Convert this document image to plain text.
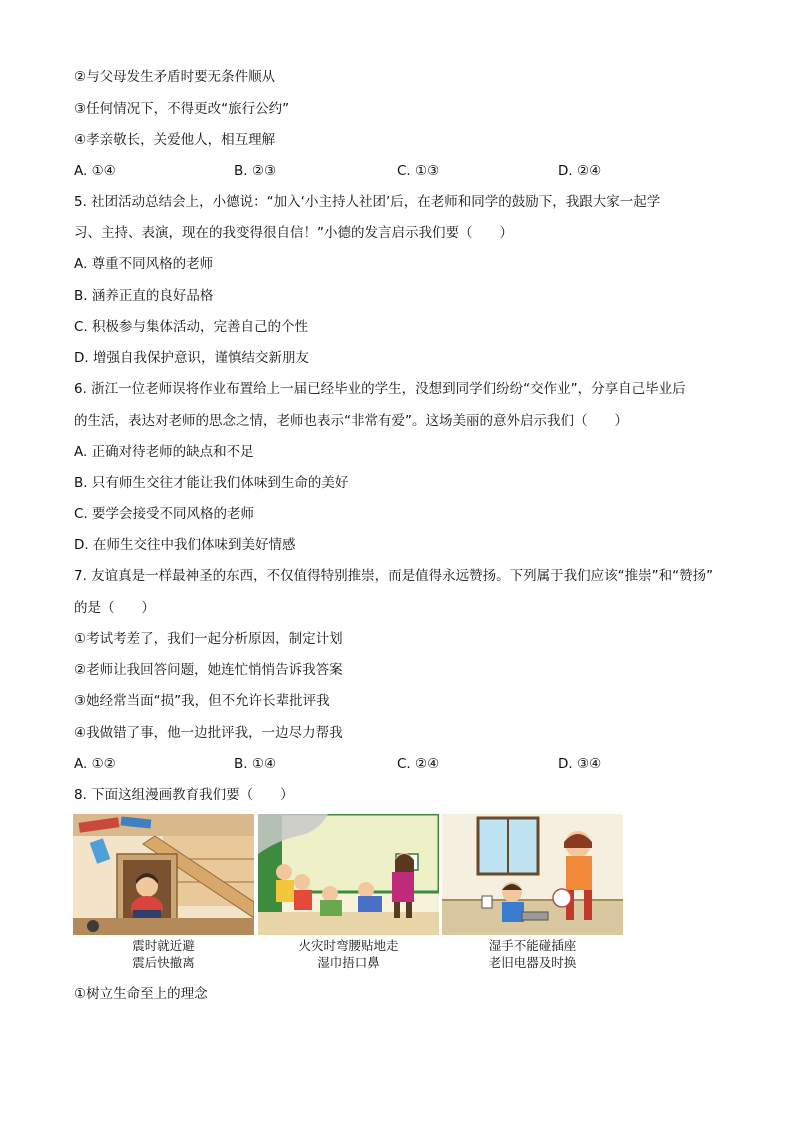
②与父母发生矛盾时要无条件顺从
③任何情况下，不得更改“旅行公约”
④孝亲敬长，关爱他人，相互理解
A. ①④	B. ②③	C. ①③	D. ②④
5. 社团活动总结会上，小德说：“加入‘小主持人社团’后，在老师和同学的鼓励下，我跟大家一起学
习、主持、表演，现在的我变得很自信！”小德的发言启示我们要（　　）
A. 尊重不同风格的老师
B. 涵养正直的良好品格
C. 积极参与集体活动，完善自己的个性
D. 增强自我保护意识，谨慎结交新朋友
6. 浙江一位老师误将作业布置给上一届已经毕业的学生，没想到同学们纷纷“交作业”，分享自己毕业后
的生活，表达对老师的思念之情，老师也表示“非常有爱”。这场美丽的意外启示我们（　　）
A. 正确对待老师的缺点和不足
B. 只有师生交往才能让我们体味到生命的美好
C. 要学会接受不同风格的老师
D. 在师生交往中我们体味到美好情感
7. 友谊真是一样最神圣的东西，不仅值得特别推崇，而是值得永远赞扬。下列属于我们应该“推崇”和“赞扬”
的是（　　）
①考试考差了，我们一起分析原因，制定计划
②老师让我回答问题，她连忙悄悄告诉我答案
③她经常当面“损”我，但不允许长辈批评我
④我做错了事，他一边批评我，一边尽力帮我
A. ①②	B. ①④	C. ②④	D. ③④
8. 下面这组漫画教育我们要（　　）
震时就近避
震后快撤离
火灾时弯腰贴地走
湿巾捂口鼻
湿手不能碰插座
老旧电器及时换
①树立生命至上的理念
